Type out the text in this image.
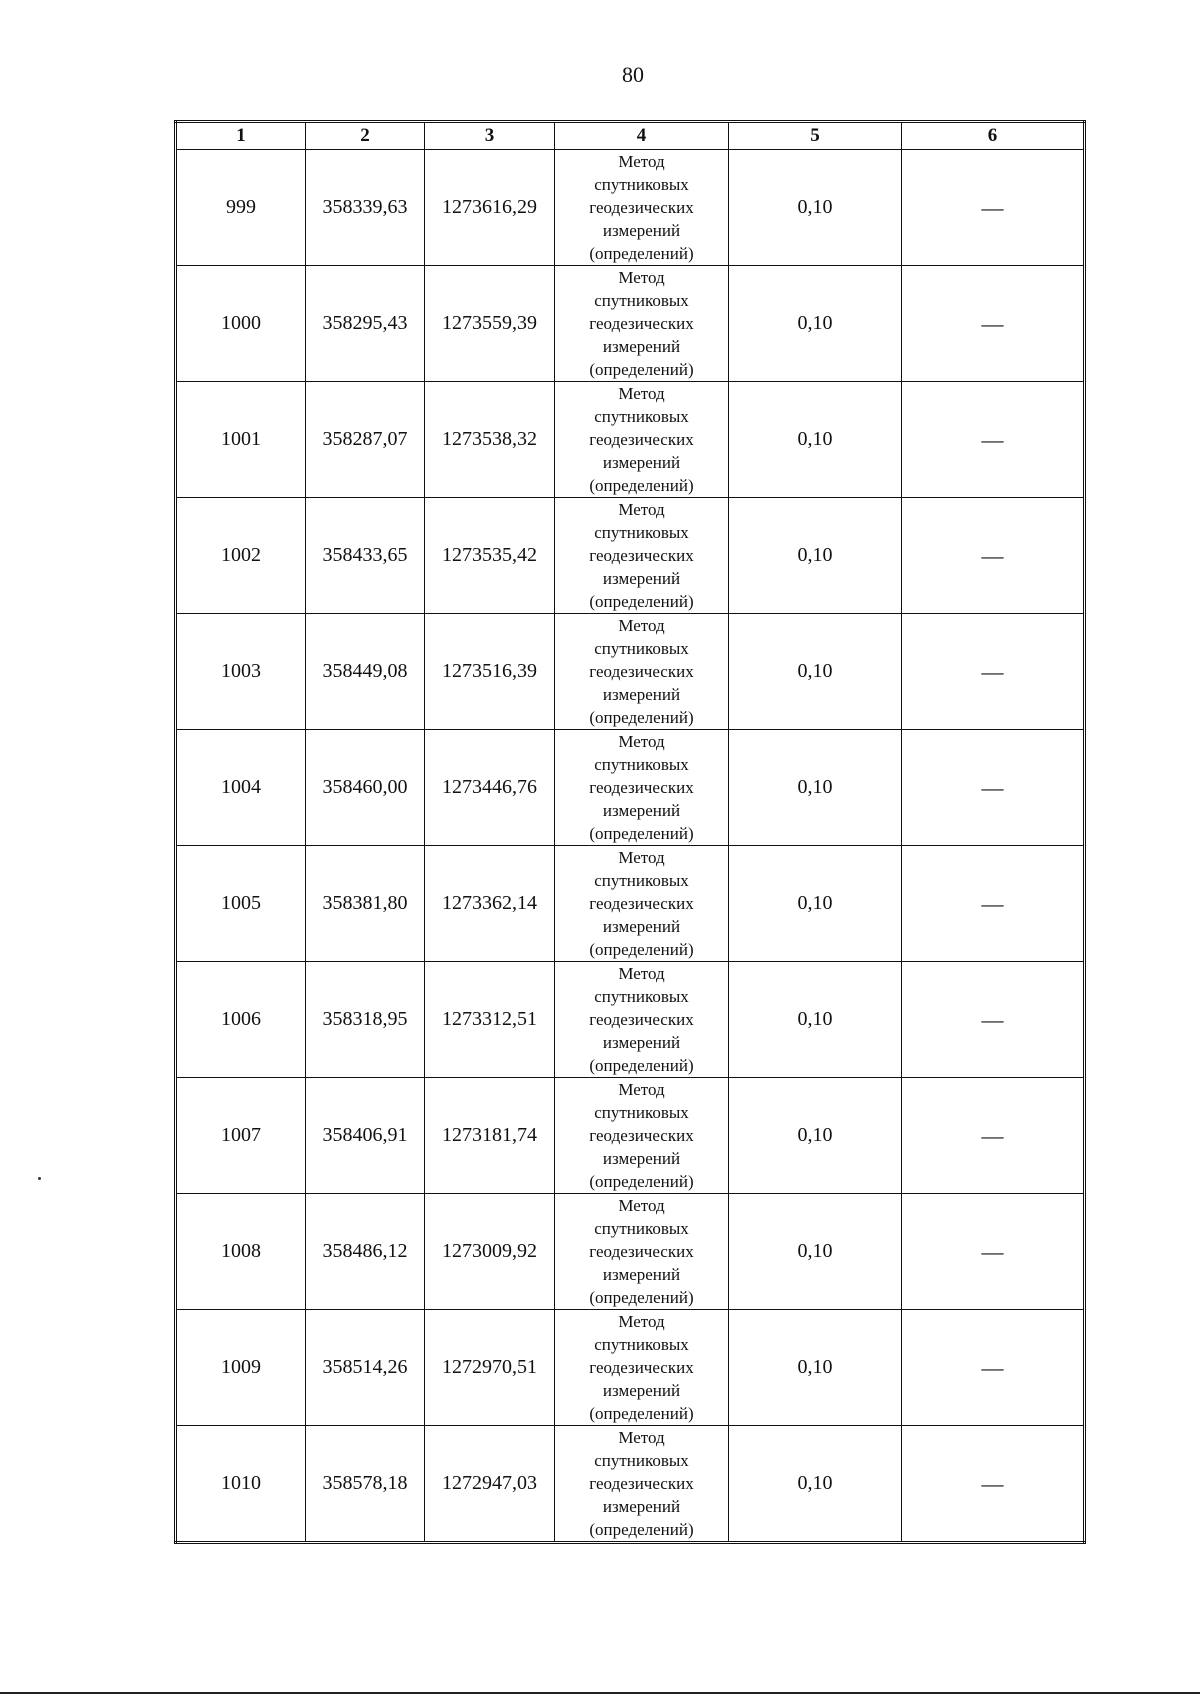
80
1	2	3	4	5	6
999	358339,63	1273616,29	Метод
спутниковых
геодезических
измерений
(определений)	0,10	—
1000	358295,43	1273559,39	Метод
спутниковых
геодезических
измерений
(определений)	0,10	—
1001	358287,07	1273538,32	Метод
спутниковых
геодезических
измерений
(определений)	0,10	—
1002	358433,65	1273535,42	Метод
спутниковых
геодезических
измерений
(определений)	0,10	—
1003	358449,08	1273516,39	Метод
спутниковых
геодезических
измерений
(определений)	0,10	—
1004	358460,00	1273446,76	Метод
спутниковых
геодезических
измерений
(определений)	0,10	—
1005	358381,80	1273362,14	Метод
спутниковых
геодезических
измерений
(определений)	0,10	—
1006	358318,95	1273312,51	Метод
спутниковых
геодезических
измерений
(определений)	0,10	—
1007	358406,91	1273181,74	Метод
спутниковых
геодезических
измерений
(определений)	0,10	—
1008	358486,12	1273009,92	Метод
спутниковых
геодезических
измерений
(определений)	0,10	—
1009	358514,26	1272970,51	Метод
спутниковых
геодезических
измерений
(определений)	0,10	—
1010	358578,18	1272947,03	Метод
спутниковых
геодезических
измерений
(определений)	0,10	—
